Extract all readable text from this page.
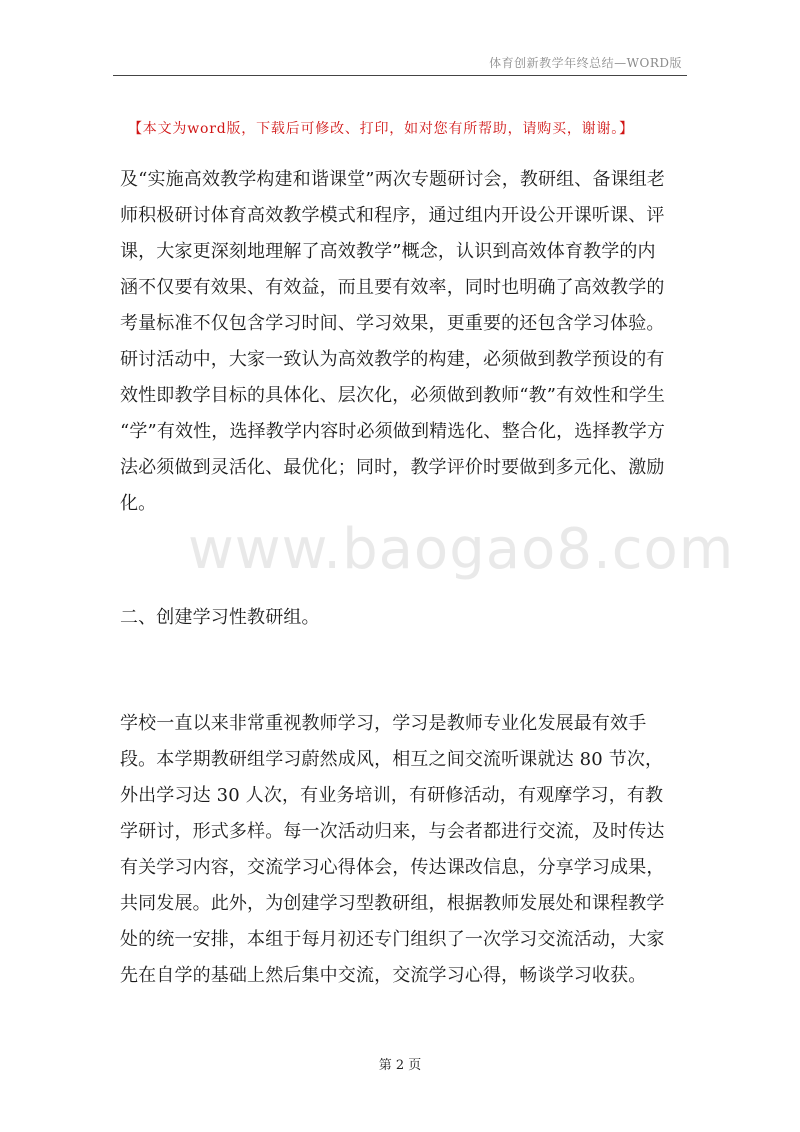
体育创新教学年终总结—WORD版
【本文为word版，下载后可修改、打印，如对您有所帮助，请购买，谢谢。】
及“实施高效教学构建和谐课堂”两次专题研讨会，教研组、备课组老
师积极研讨体育高效教学模式和程序，通过组内开设公开课听课、评
课，大家更深刻地理解了高效教学”概念，认识到高效体育教学的内
涵不仅要有效果、有效益，而且要有效率，同时也明确了高效教学的
考量标准不仅包含学习时间、学习效果，更重要的还包含学习体验。
研讨活动中，大家一致认为高效教学的构建，必须做到教学预设的有
效性即教学目标的具体化、层次化，必须做到教师“教”有效性和学生
“学”有效性，选择教学内容时必须做到精选化、整合化，选择教学方
法必须做到灵活化、最优化；同时，教学评价时要做到多元化、激励
化。
二、创建学习性教研组。
学校一直以来非常重视教师学习，学习是教师专业化发展最有效手
段。本学期教研组学习蔚然成风，相互之间交流听课就达 80 节次，
外出学习达 30 人次，有业务培训，有研修活动，有观摩学习，有教
学研讨，形式多样。每一次活动归来，与会者都进行交流，及时传达
有关学习内容，交流学习心得体会，传达课改信息，分享学习成果，
共同发展。此外，为创建学习型教研组，根据教师发展处和课程教学
处的统一安排，本组于每月初还专门组织了一次学习交流活动，大家
先在自学的基础上然后集中交流，交流学习心得，畅谈学习收获。
www.baogao8.com
第 2 页
